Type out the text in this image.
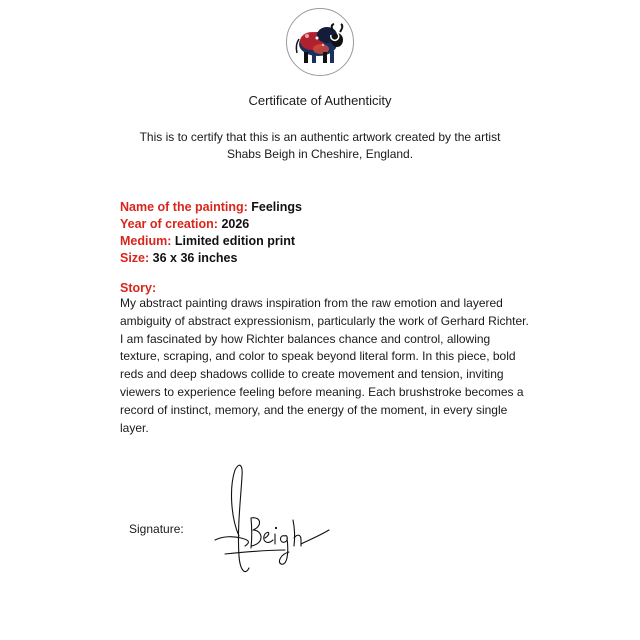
Certificate of Authenticity
This is to certify that this is an authentic artwork created by the artist
Shabs Beigh in Cheshire, England.
Name of the painting: Feelings
Year of creation: 2026
Medium: Limited edition print
Size: 36 x 36 inches
Story:
My abstract painting draws inspiration from the raw emotion and layered ambiguity of abstract expressionism, particularly the work of Gerhard Richter. I am fascinated by how Richter balances chance and control, allowing texture, scraping, and color to speak beyond literal form. In this piece, bold reds and deep shadows collide to create movement and tension, inviting viewers to experience feeling before meaning. Each brushstroke becomes a record of instinct, memory, and the energy of the moment, in every single layer.
Signature:
